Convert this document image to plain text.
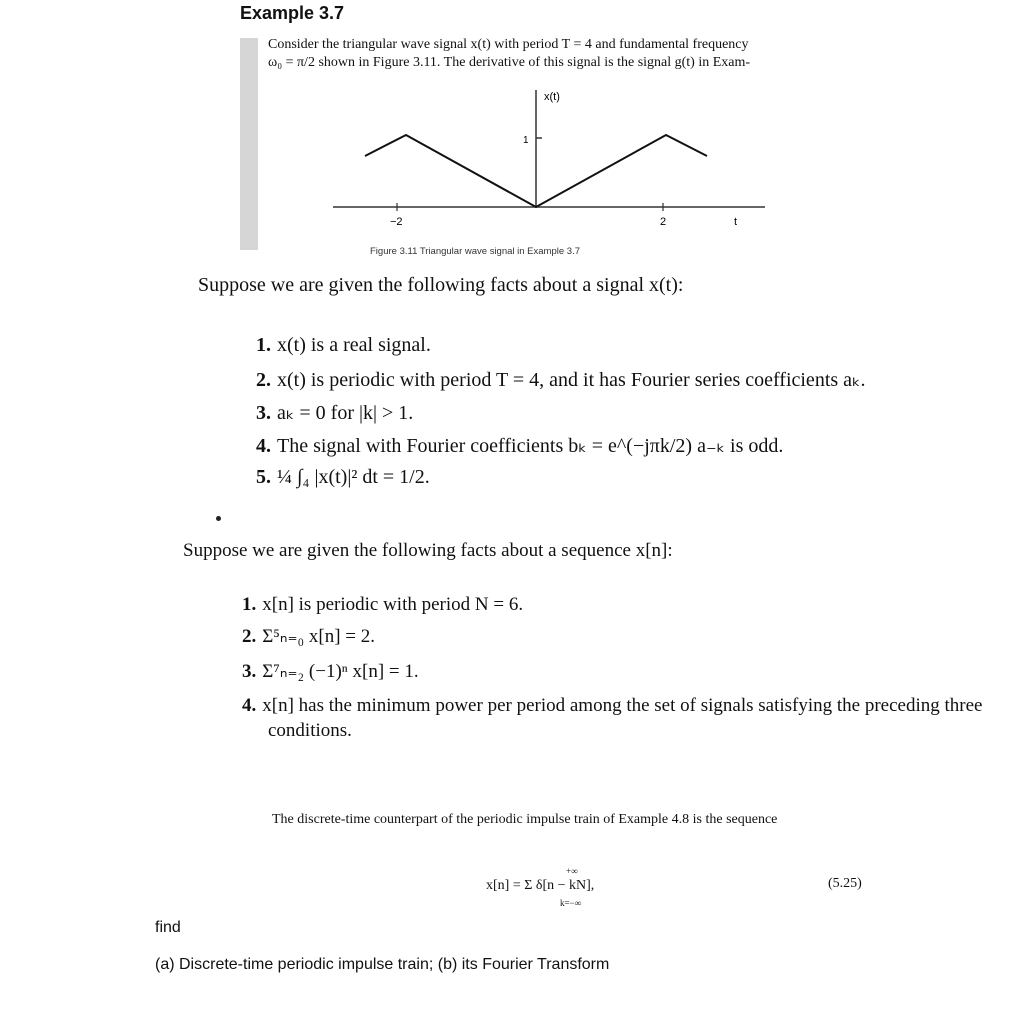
Example 3.7
Consider the triangular wave signal x(t) with period T = 4 and fundamental frequency
ω₀ = π/2 shown in Figure 3.11. The derivative of this signal is the signal g(t) in Exam-
x(t)
1
−2	2	t
Figure 3.11 Triangular wave signal in Example 3.7
Suppose we are given the following facts about a signal x(t):
1. x(t) is a real signal.
2. x(t) is periodic with period T = 4, and it has Fourier series coefficients aₖ.
3. aₖ = 0 for |k| > 1.
4. The signal with Fourier coefficients bₖ = e^(−jπk/2) a₋ₖ is odd.
5. ¼ ∫₄ |x(t)|² dt = 1/2.
Suppose we are given the following facts about a sequence x[n]:
1. x[n] is periodic with period N = 6.
2. Σ⁵ₙ₌₀ x[n] = 2.
3. Σ⁷ₙ₌₂ (−1)ⁿ x[n] = 1.
4. x[n] has the minimum power per period among the set of signals satisfying the preceding three conditions.
The discrete-time counterpart of the periodic impulse train of Example 4.8 is the sequence
+∞
x[n] = Σ δ[n − kN],
k=−∞
(5.25)
find
(a) Discrete-time periodic impulse train; (b) its Fourier Transform
